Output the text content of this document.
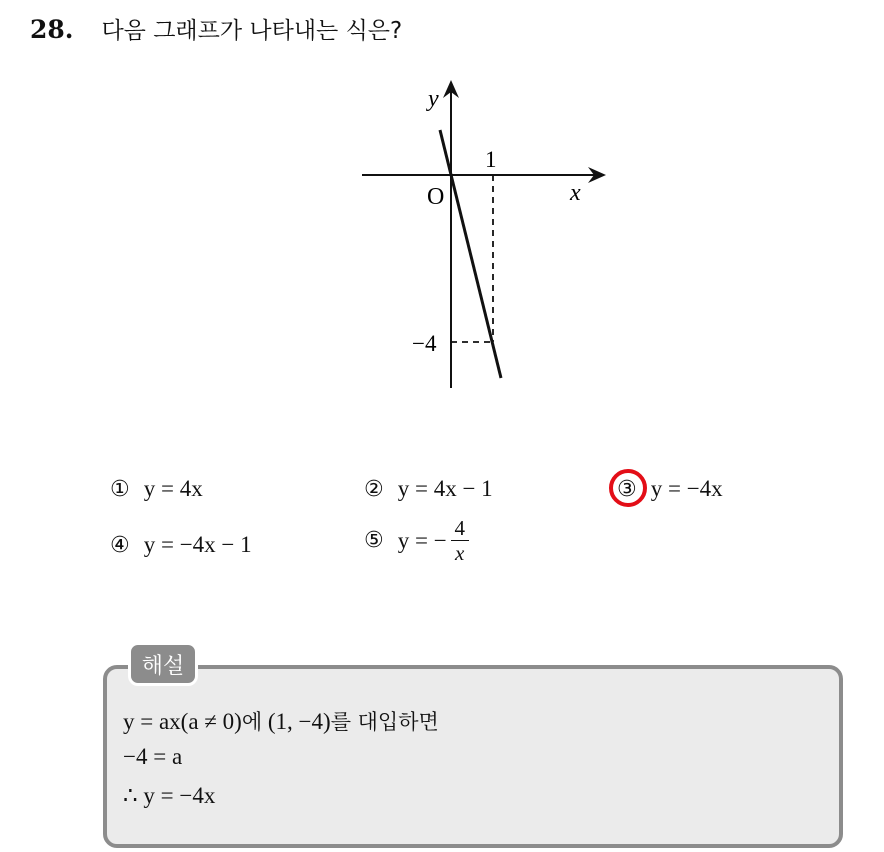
28. 다음 그래프가 나타내는 식은?
y
x
O
1
−4
① y = 4x	② y = 4x − 1	③ y = −4x
④ y = −4x − 1	⑤ y = − $\frac{4}{x}$
해설
y = ax(a ≠ 0)에 (1, −4)를 대입하면
−4 = a
∴ y = −4x
